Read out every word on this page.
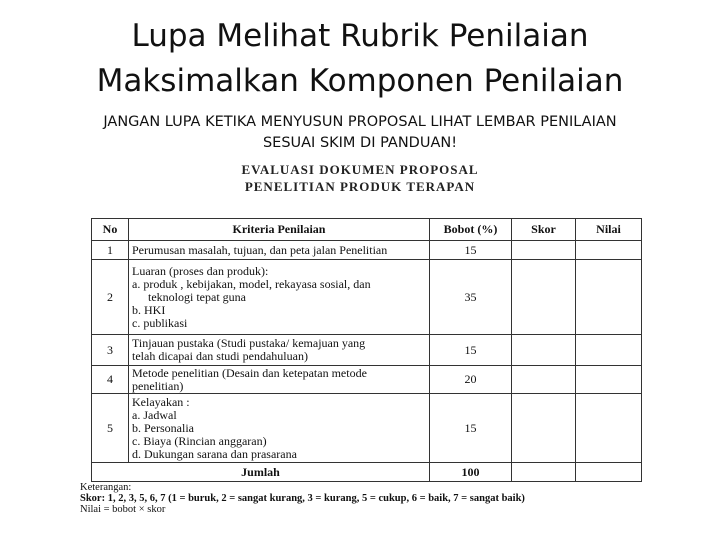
Lupa Melihat Rubrik Penilaian
Maksimalkan Komponen Penilaian
JANGAN LUPA KETIKA MENYUSUN PROPOSAL LIHAT LEMBAR PENILAIAN
SESUAI SKIM DI PANDUAN!
EVALUASI DOKUMEN PROPOSAL
PENELITIAN PRODUK TERAPAN
No	Kriteria Penilaian	Bobot (%)	Skor	Nilai
1	Perumusan masalah, tujuan, dan peta jalan Penelitian	15		
2	Luaran (proses dan produk):
a. produk , kebijakan, model, rekayasa sosial, dan
teknologi tepat guna
b. HKI
c. publikasi	35		
3	Tinjauan pustaka (Studi pustaka/ kemajuan yang
telah dicapai dan studi pendahuluan)	15		
4	Metode penelitian (Desain dan ketepatan metode
penelitian)	20		
5	Kelayakan :
a. Jadwal
b. Personalia
c. Biaya (Rincian anggaran)
d. Dukungan sarana dan prasarana	15		
Jumlah		100		
Keterangan:
Skor: 1, 2, 3, 5, 6, 7 (1 = buruk, 2 = sangat kurang, 3 = kurang, 5 = cukup, 6 = baik, 7 = sangat baik)
Nilai = bobot × skor
